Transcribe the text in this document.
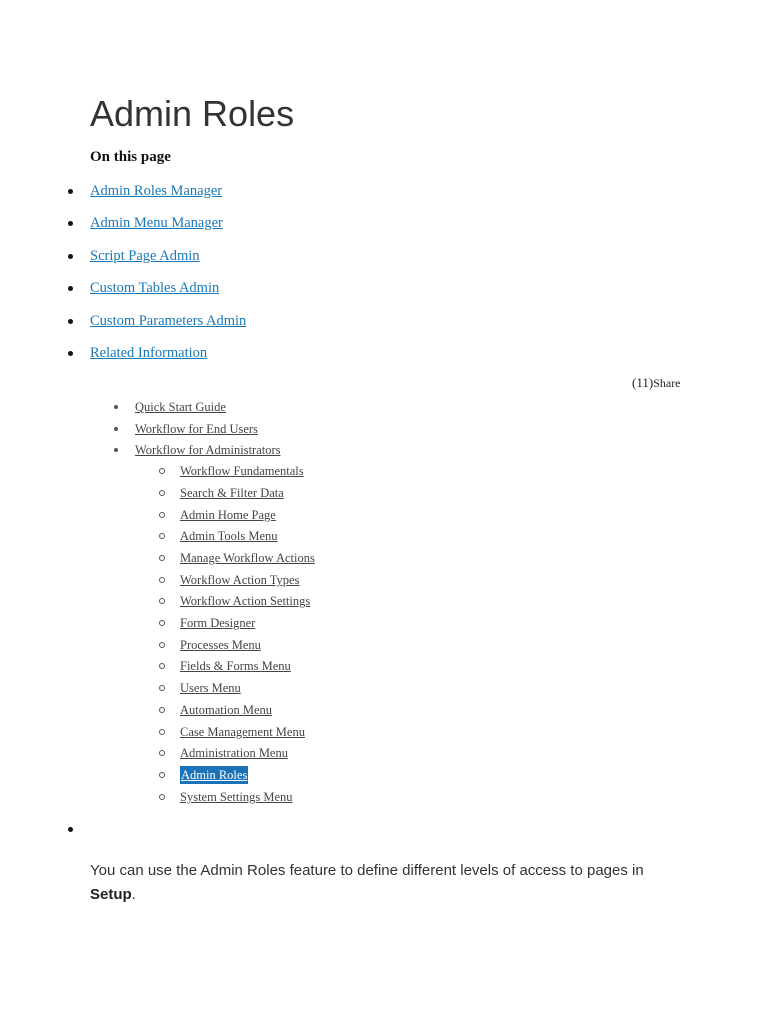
Admin Roles
On this page
Admin Roles Manager
Admin Menu Manager
Script Page Admin
Custom Tables Admin
Custom Parameters Admin
Related Information
(11)Share
Quick Start Guide
Workflow for End Users
Workflow for Administrators
Workflow Fundamentals
Search & Filter Data
Admin Home Page
Admin Tools Menu
Manage Workflow Actions
Workflow Action Types
Workflow Action Settings
Form Designer
Processes Menu
Fields & Forms Menu
Users Menu
Automation Menu
Case Management Menu
Administration Menu
Admin Roles
System Settings Menu

You can use the Admin Roles feature to define different levels of access to pages in Setup.
